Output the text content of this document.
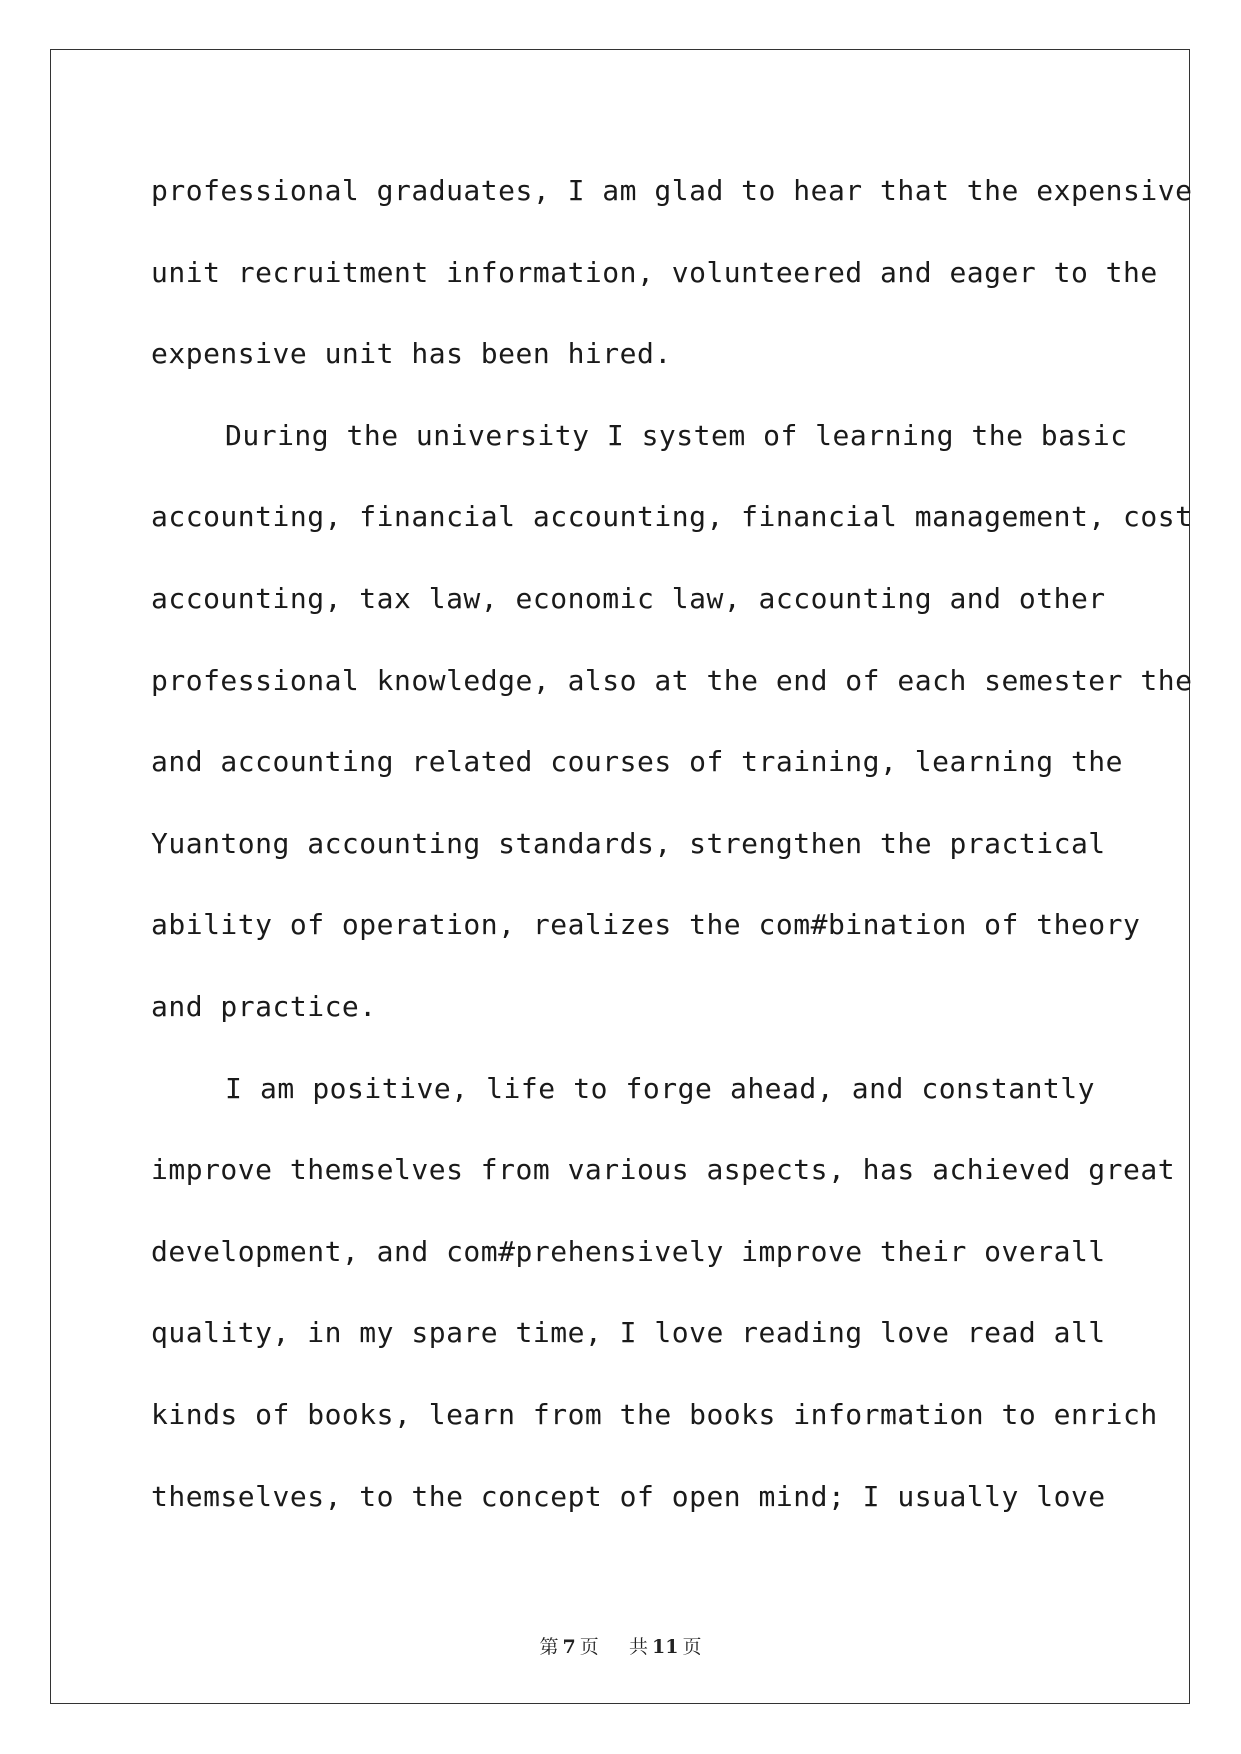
professional graduates, I am glad to hear that the expensive
unit recruitment information, volunteered and eager to the
expensive unit has been hired.
During the university I system of learning the basic
accounting, financial accounting, financial management, cost
accounting, tax law, economic law, accounting and other
professional knowledge, also at the end of each semester the
and accounting related courses of training, learning the
Yuantong accounting standards, strengthen the practical
ability of operation, realizes the com#bination of theory
and practice.
I am positive, life to forge ahead, and constantly
improve themselves from various aspects, has achieved great
development, and com#prehensively improve their overall
quality, in my spare time, I love reading love read all
kinds of books, learn from the books information to enrich
themselves, to the concept of open mind; I usually love
第 7 页 共 11 页
